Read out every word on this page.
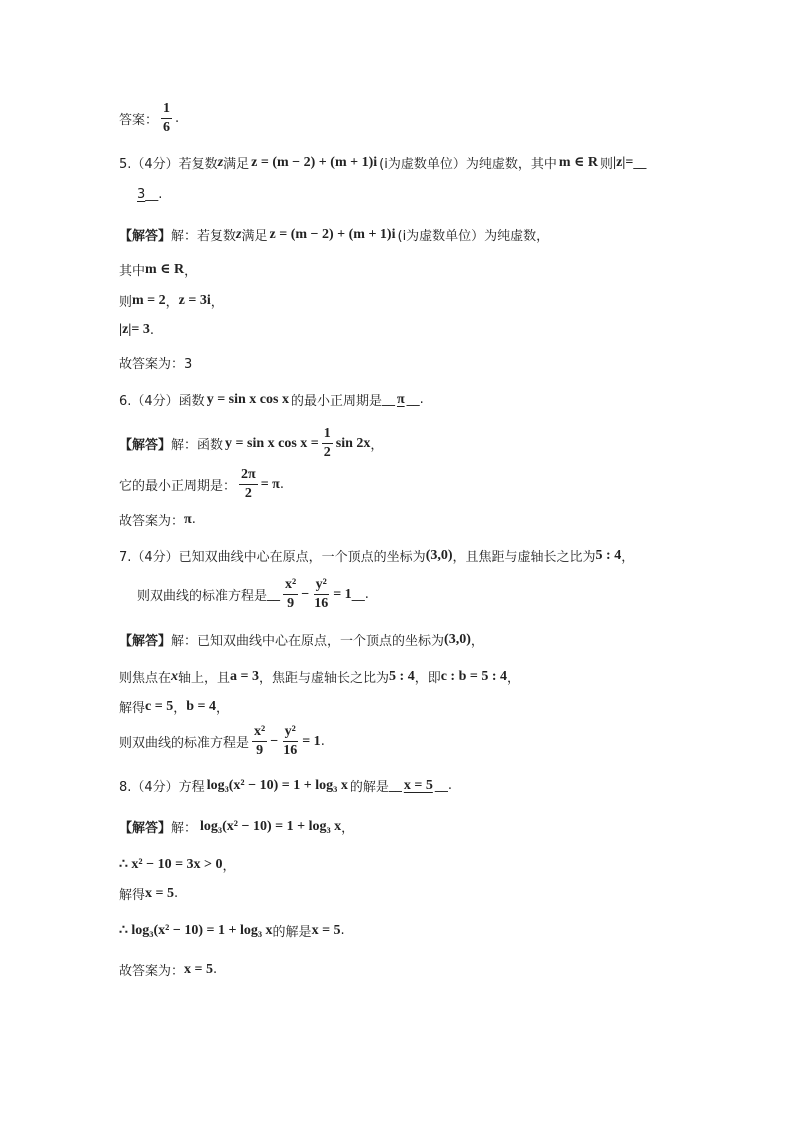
答案： $\frac{1}{6}$ .
5.（4分）若复数 z 满足 z = (m − 2) + (m + 1)i (i为虚数单位）为纯虚数，其中 m ∈ R 则 |z|= __
3 __.
【解答】 解：若复数 z 满足 z = (m − 2) + (m + 1)i (i为虚数单位）为纯虚数，
其中 m ∈ R ，
则 m = 2 ， z = 3i ，
|z|= 3 .
故答案为：3
6.（4分）函数 y = sin x cos x 的最小正周期是 __ π __.
【解答】 解：函数 y = sin x $\cos x = \frac{1}{2}$ sin 2x ，
它的最小正周期是： $\frac{2\pi}{2} = \pi$ .
故答案为： π .
7.（4分）已知双曲线中心在原点，一个顶点的坐标为 (3,0) ，且焦距与虚轴长之比为 5 : 4 ，
则双曲线的标准方程是 __ $\frac{\text{x²}}{9} - \frac{\text{y²}}{16} = 1$ __.
【解答】 解：已知双曲线中心在原点，一个顶点的坐标为 (3,0) ，
则焦点在 x 轴上，且 a = 3 ，焦距与虚轴长之比为 5 : 4 ，即 c : b = 5 : 4 ，
解得 c = 5 ， b = 4 ，
则双曲线的标准方程是 $\frac{\text{x²}}{9} - \frac{\text{y²}}{16} = 1$ .
8.（4分）方程 log₃(x² − 10) = 1 + log₃ x 的解是 __ x = 5 __.
【解答】 解： log₃(x² − 10) = 1 + log₃ x ，
∴ x² − 10 = 3x > 0 ，
解得 x = 5 .
∴ log₃(x² − 10) = 1 + log₃ x 的解是 x = 5 .
故答案为： x = 5 .
